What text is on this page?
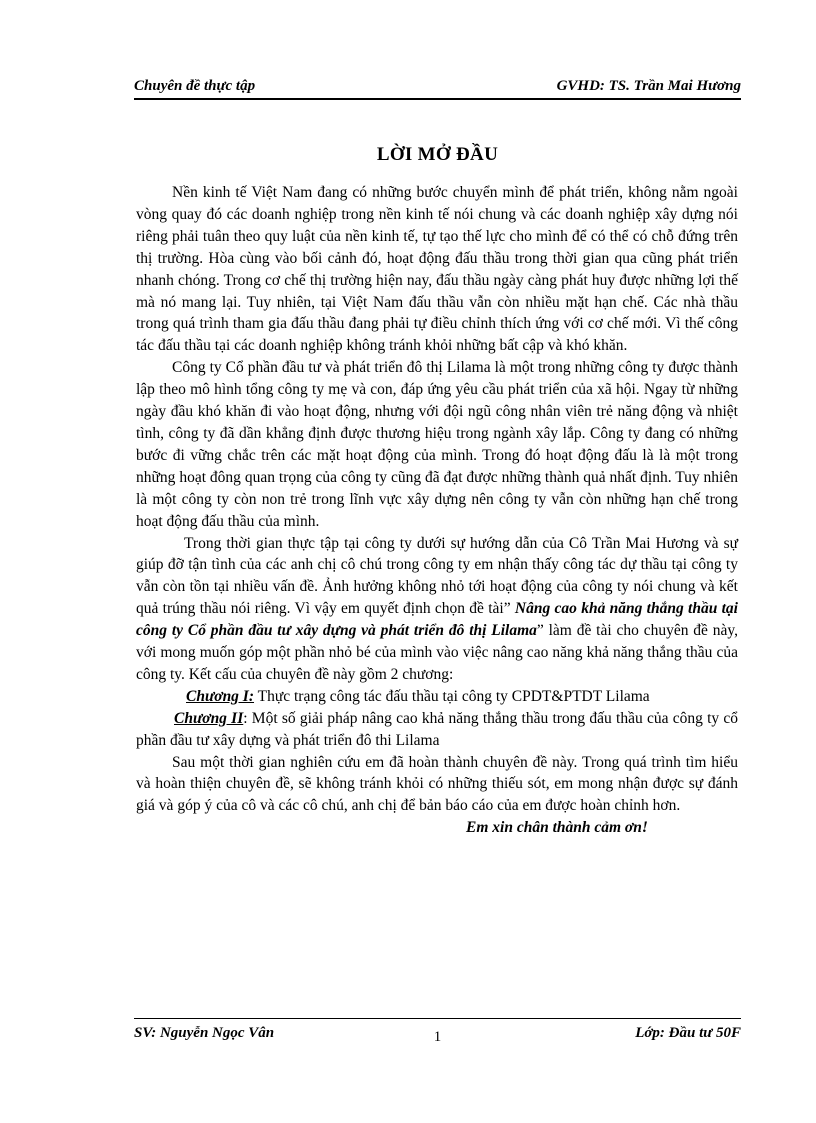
Chuyên đề thực tập	GVHD: TS. Trần Mai Hương
LỜI MỞ ĐẦU

Nền kinh tế Việt Nam đang có những bước chuyển mình để phát triển, không nằm ngoài vòng quay đó các doanh nghiệp trong nền kinh tế nói chung và các doanh nghiệp xây dựng nói riêng phải tuân theo quy luật của nền kinh tế, tự tạo thế lực cho mình để có thể có chỗ đứng trên thị trường. Hòa cùng vào bối cảnh đó, hoạt động đấu thầu trong thời gian qua cũng phát triển nhanh chóng. Trong cơ chế thị trường hiện nay, đấu thầu ngày càng phát huy được những lợi thế mà nó mang lại. Tuy nhiên, tại Việt Nam đấu thầu vẫn còn nhiều mặt hạn chế. Các nhà thầu trong quá trình tham gia đấu thầu đang phải tự điều chỉnh thích ứng với cơ chế mới. Vì thế công tác đấu thầu tại các doanh nghiệp không tránh khỏi những bất cập và khó khăn.

Công ty Cổ phần đầu tư và phát triển đô thị Lilama là một trong những công ty được thành lập theo mô hình tổng công ty mẹ và con, đáp ứng yêu cầu phát triển của xã hội. Ngay từ những ngày đầu khó khăn đi vào hoạt động, nhưng với đội ngũ công nhân viên trẻ năng động và nhiệt tình, công ty đã dần khẳng định được thương hiệu trong ngành xây lắp. Công ty đang có những bước đi vững chắc trên các mặt hoạt động của mình. Trong đó hoạt động đấu là là một trong những hoạt đông quan trọng của công ty cũng đã đạt được những thành quả nhất định. Tuy nhiên là một công ty còn non trẻ trong lĩnh vực xây dựng nên công ty vẫn còn những hạn chế trong hoạt động đấu thầu của mình.

Trong thời gian thực tập tại công ty dưới sự hướng dẫn của Cô Trần Mai Hương và sự giúp đỡ tận tình của các anh chị cô chú trong công ty em nhận thấy công tác dự thầu tại công ty vẫn còn tồn tại nhiều vấn đề. Ảnh hưởng không nhỏ tới hoạt động của công ty nói chung và kết quả trúng thầu nói riêng. Vì vậy em quyết định chọn đề tài” Nâng cao khả năng thắng thầu tại công ty Cổ phần đầu tư xây dựng và phát triển đô thị Lilama” làm đề tài cho chuyên đề này, với mong muốn góp một phần nhỏ bé của mình vào việc nâng cao năng khả năng thắng thầu của công ty. Kết cấu của chuyên đề này gồm 2 chương:

Chương I: Thực trạng công tác đấu thầu tại công ty CPDT&PTDT Lilama

Chương II: Một số giải pháp nâng cao khả năng thắng thầu trong đấu thầu của công ty cổ phần đầu tư xây dựng và phát triển đô thi Lilama

Sau một thời gian nghiên cứu em đã hoàn thành chuyên đề này. Trong quá trình tìm hiểu và hoàn thiện chuyên đề, sẽ không tránh khỏi có những thiếu sót, em mong nhận được sự đánh giá và góp ý của cô và các cô chú, anh chị để bản báo cáo của em được hoàn chỉnh hơn.

Em xin chân thành cảm ơn!

SV: Nguyễn Ngọc Vân	1	Lớp: Đầu tư 50F
